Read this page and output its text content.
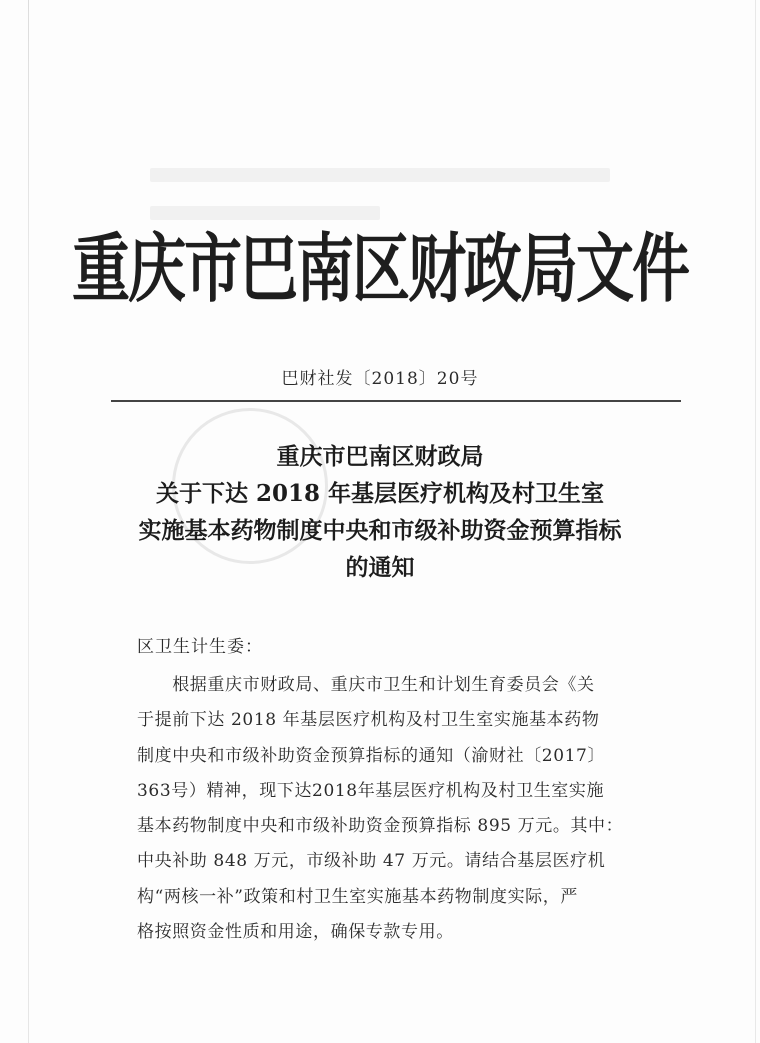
重庆市巴南区财政局文件
巴财社发〔2018〕20号
重庆市巴南区财政局
关于下达 2018 年基层医疗机构及村卫生室
实施基本药物制度中央和市级补助资金预算指标
的通知
区卫生计生委：
　　根据重庆市财政局、重庆市卫生和计划生育委员会《关
于提前下达 2018 年基层医疗机构及村卫生室实施基本药物
制度中央和市级补助资金预算指标的通知（渝财社〔2017〕
363号）精神，现下达2018年基层医疗机构及村卫生室实施
基本药物制度中央和市级补助资金预算指标 895 万元。其中：
中央补助 848 万元，市级补助 47 万元。请结合基层医疗机
构“两核一补”政策和村卫生室实施基本药物制度实际，严
格按照资金性质和用途，确保专款专用。
